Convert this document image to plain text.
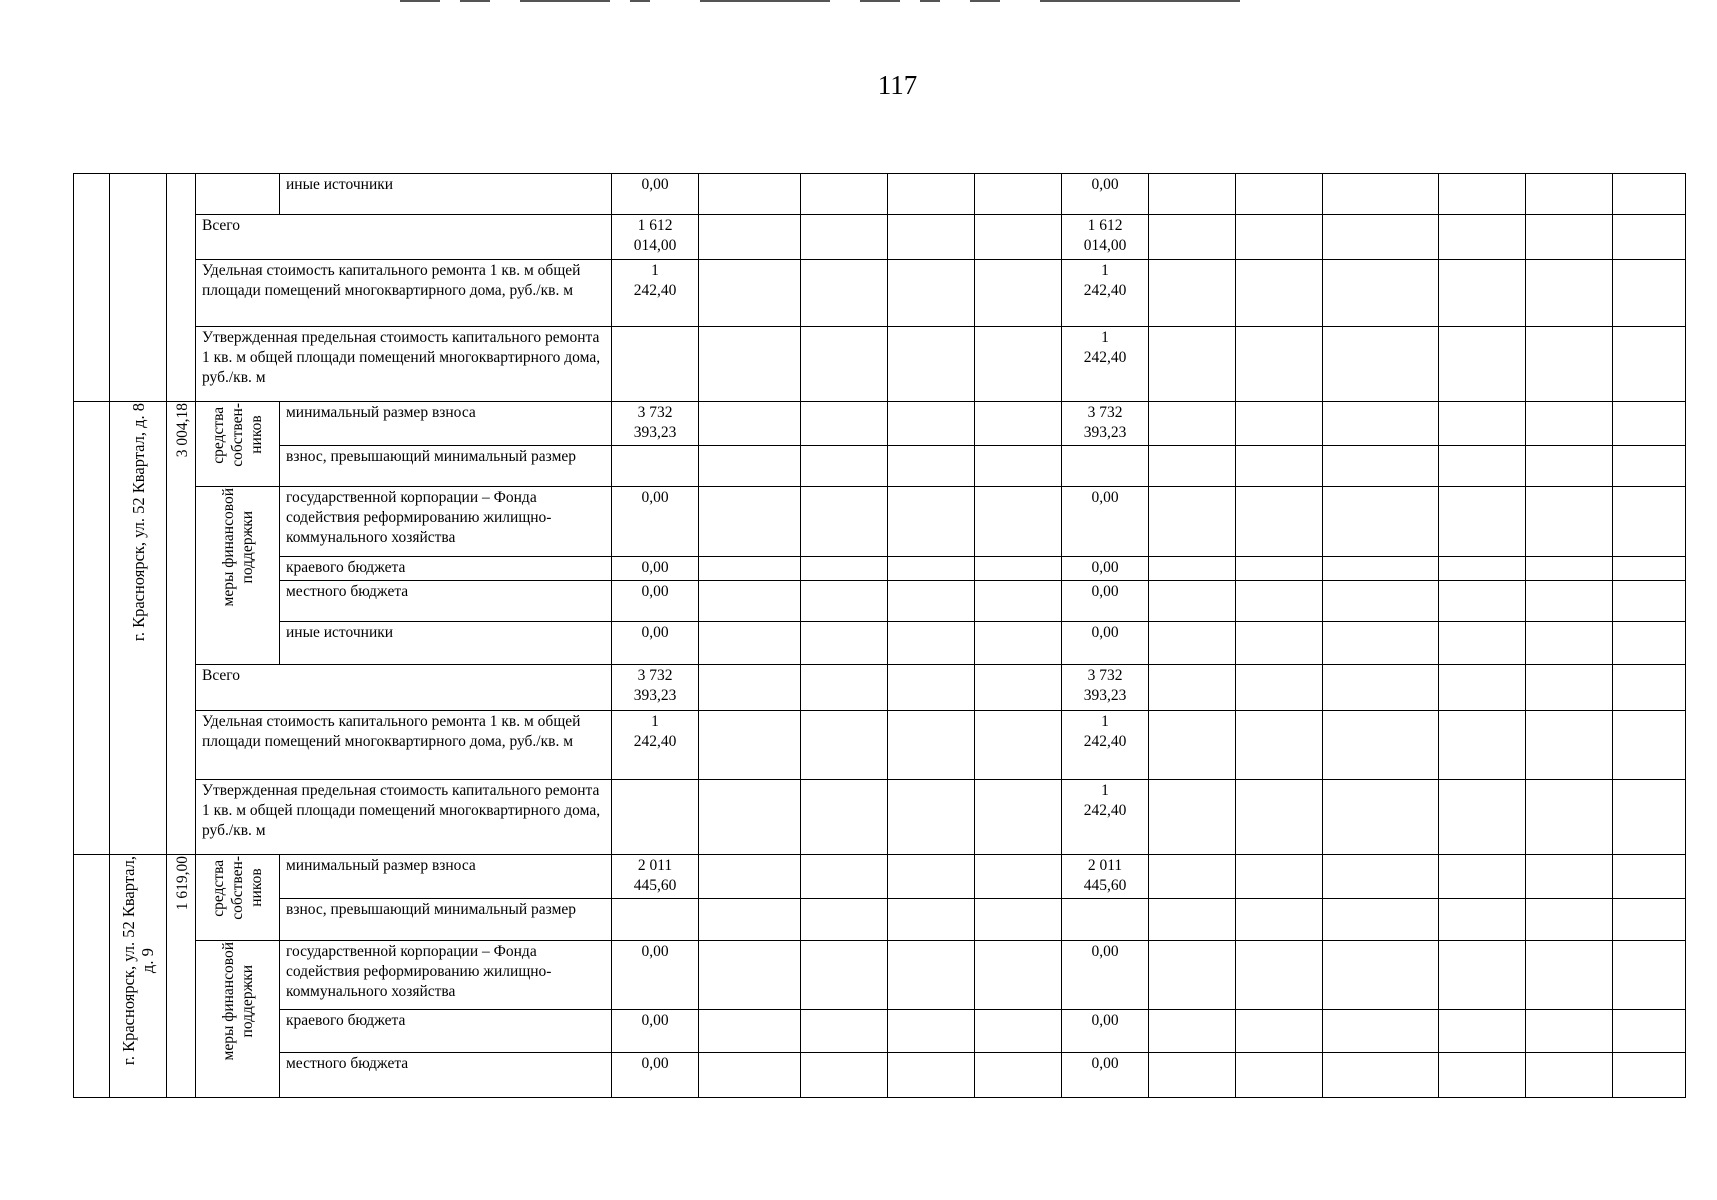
117

				иные источники	0,00					0,00						

			Всего		1 612
014,00					1 612
014,00						

			Удельная стоимость капитального ремонта 1 кв. м общей площади помещений многоквартирного дома, руб./кв. м		1
242,40					1
242,40						

			Утвержденная предельная стоимость капитального ремонта 1 кв. м общей площади помещений многоквартирного дома, руб./кв. м							1
242,40						

	г. Красноярск, ул. 52 Квартал, д. 8	3 004,18	средства
собствен-
ников	минимальный размер взноса	3 732
393,23					3 732
393,23						

				взнос, превышающий минимальный размер												

			меры финансовой
поддержки	государственной корпорации – Фонда содействия реформированию жилищно-коммунального хозяйства	0,00					0,00						

				краевого бюджета	0,00					0,00						

				местного бюджета	0,00					0,00						

				иные источники	0,00					0,00						

			Всего		3 732
393,23					3 732
393,23						

			Удельная стоимость капитального ремонта 1 кв. м общей площади помещений многоквартирного дома, руб./кв. м		1
242,40					1
242,40						

			Утвержденная предельная стоимость капитального ремонта 1 кв. м общей площади помещений многоквартирного дома, руб./кв. м							1
242,40						

	г. Красноярск, ул. 52 Квартал,
д. 9	1 619,00	средства
собствен-
ников	минимальный размер взноса	2 011
445,60					2 011
445,60						

				взнос, превышающий минимальный размер												

			меры финансовой
поддержки	государственной корпорации – Фонда содействия реформированию жилищно-коммунального хозяйства	0,00					0,00						

				краевого бюджета	0,00					0,00						

				местного бюджета	0,00					0,00						
